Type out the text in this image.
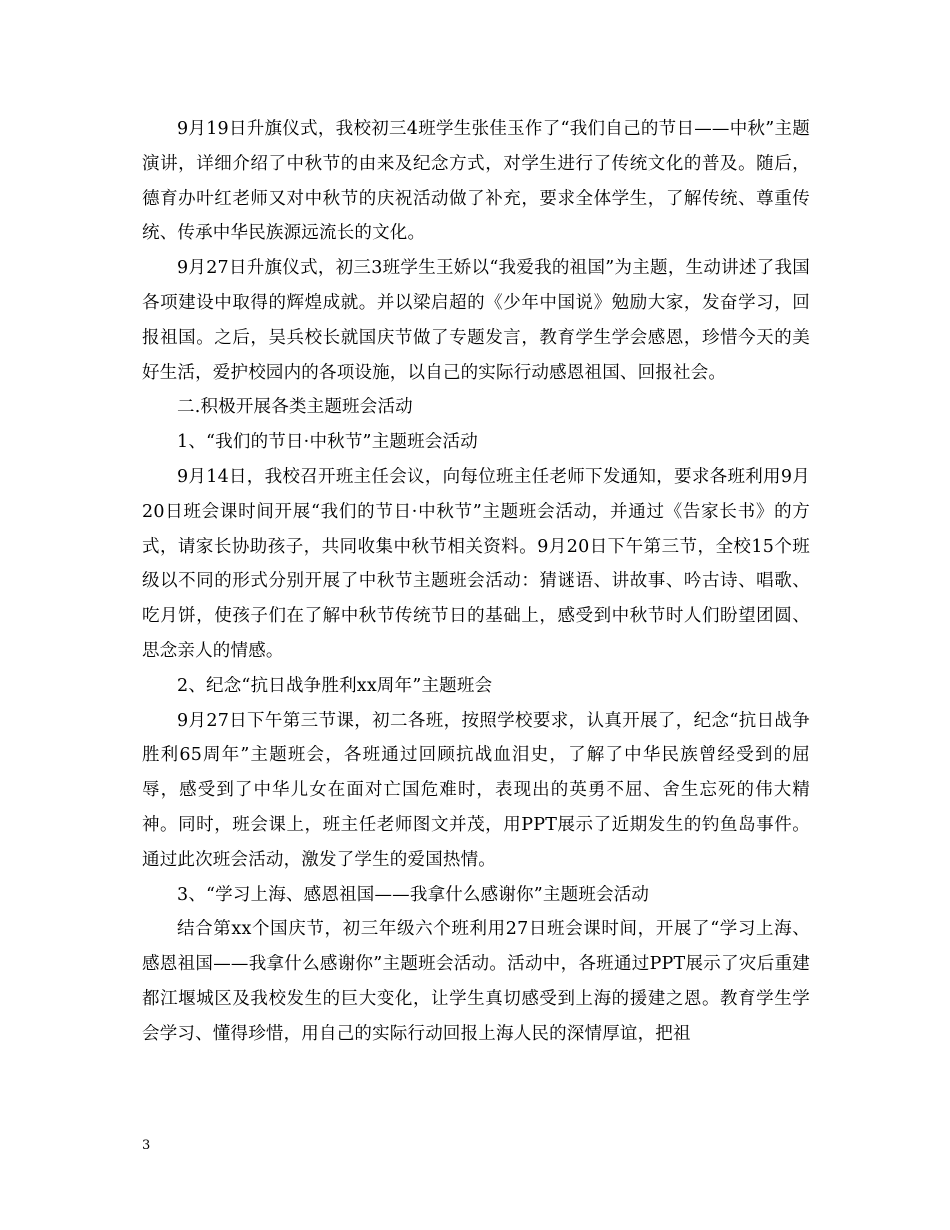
9月19日升旗仪式，我校初三4班学生张佳玉作了“我们自己的节日——中秋”主题演讲，详细介绍了中秋节的由来及纪念方式，对学生进行了传统文化的普及。随后，德育办叶红老师又对中秋节的庆祝活动做了补充，要求全体学生，了解传统、尊重传统、传承中华民族源远流长的文化。

9月27日升旗仪式，初三3班学生王娇以“我爱我的祖国”为主题，生动讲述了我国各项建设中取得的辉煌成就。并以梁启超的《少年中国说》勉励大家，发奋学习，回报祖国。之后，吴兵校长就国庆节做了专题发言，教育学生学会感恩，珍惜今天的美好生活，爱护校园内的各项设施，以自己的实际行动感恩祖国、回报社会。

二.积极开展各类主题班会活动

1、“我们的节日·中秋节”主题班会活动

9月14日，我校召开班主任会议，向每位班主任老师下发通知，要求各班利用9月20日班会课时间开展“我们的节日·中秋节”主题班会活动，并通过《告家长书》的方式，请家长协助孩子，共同收集中秋节相关资料。9月20日下午第三节，全校15个班级以不同的形式分别开展了中秋节主题班会活动：猜谜语、讲故事、吟古诗、唱歌、吃月饼，使孩子们在了解中秋节传统节日的基础上，感受到中秋节时人们盼望团圆、思念亲人的情感。

2、纪念“抗日战争胜利xx周年”主题班会

9月27日下午第三节课，初二各班，按照学校要求，认真开展了，纪念“抗日战争胜利65周年”主题班会，各班通过回顾抗战血泪史，了解了中华民族曾经受到的屈辱，感受到了中华儿女在面对亡国危难时，表现出的英勇不屈、舍生忘死的伟大精神。同时，班会课上，班主任老师图文并茂，用PPT展示了近期发生的钓鱼岛事件。通过此次班会活动，激发了学生的爱国热情。

3、“学习上海、感恩祖国——我拿什么感谢你”主题班会活动

结合第xx个国庆节，初三年级六个班利用27日班会课时间，开展了“学习上海、感恩祖国——我拿什么感谢你”主题班会活动。活动中，各班通过PPT展示了灾后重建都江堰城区及我校发生的巨大变化，让学生真切感受到上海的援建之恩。教育学生学会学习、懂得珍惜，用自己的实际行动回报上海人民的深情厚谊，把祖

3
